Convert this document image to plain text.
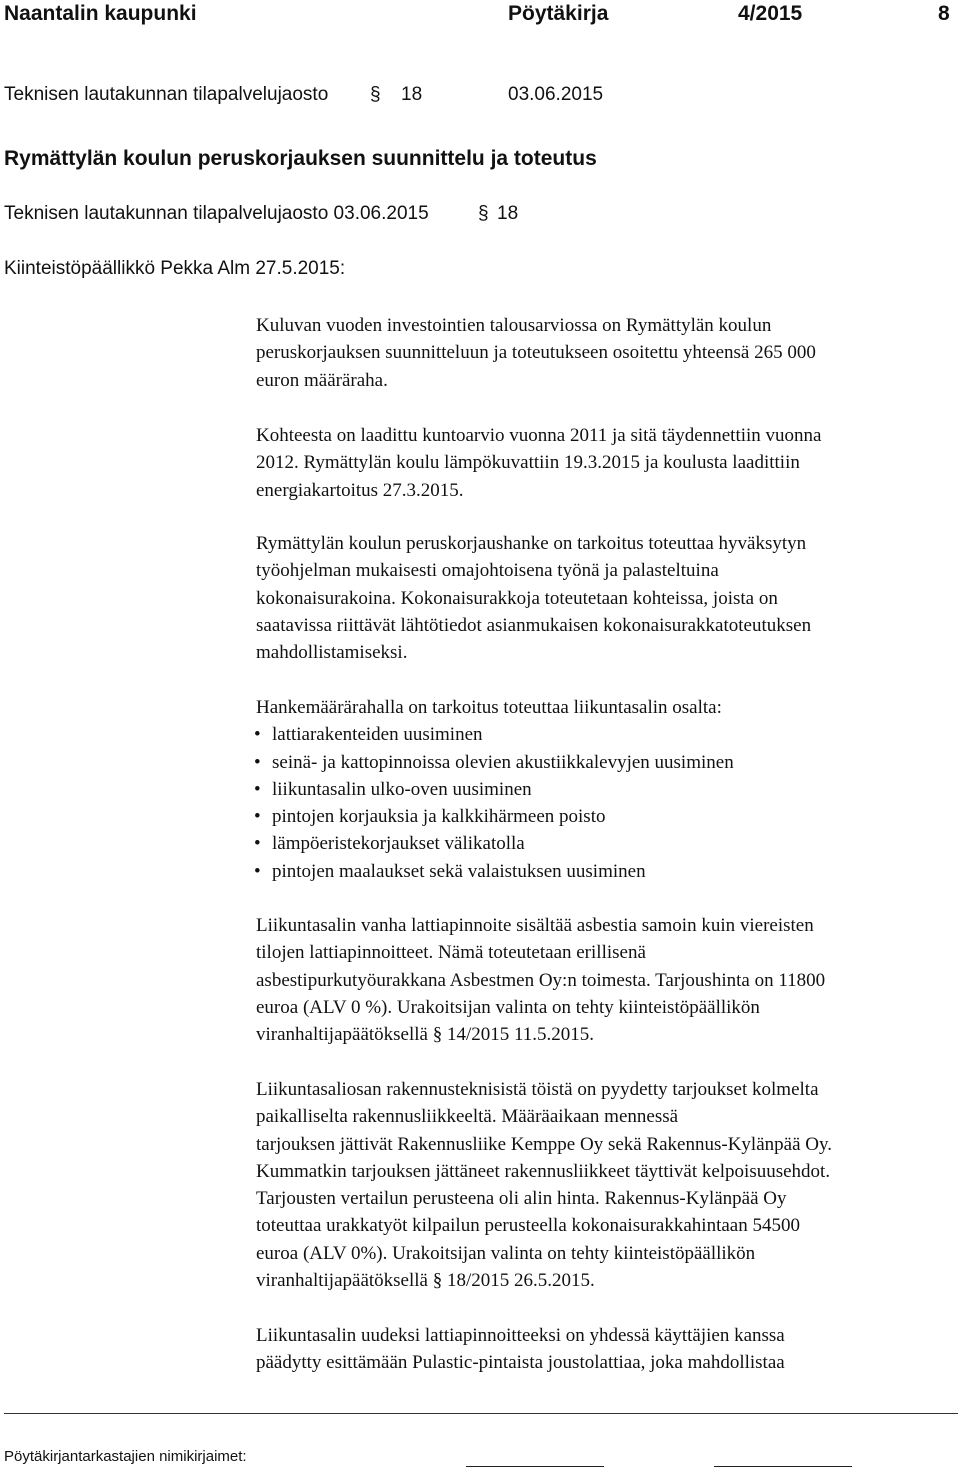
Naantalin kaupunki	Pöytäkirja	4/2015	8
Teknisen lautakunnan tilapalvelujaosto § 18	03.06.2015
Rymättylän koulun peruskorjauksen suunnittelu ja toteutus
Teknisen lautakunnan tilapalvelujaosto 03.06.2015	§ 18
Kiinteistöpäällikkö Pekka Alm 27.5.2015:
Kuluvan vuoden investointien talousarviossa on Rymättylän koulun
peruskorjauksen suunnitteluun ja toteutukseen osoitettu yhteensä 265 000
euron määräraha.
Kohteesta on laadittu kuntoarvio vuonna 2011 ja sitä täydennettiin vuonna
2012. Rymättylän koulu lämpökuvattiin 19.3.2015 ja koulusta laadittiin
energiakartoitus 27.3.2015.
Rymättylän koulun peruskorjaushanke on tarkoitus toteuttaa hyväksytyn
työohjelman mukaisesti omajohtoisena työnä ja palasteltuina
kokonaisurakoina. Kokonaisurakkoja toteutetaan kohteissa, joista on
saatavissa riittävät lähtötiedot asianmukaisen kokonaisurakkatoteutuksen
mahdollistamiseksi.
Hankemäärärahalla on tarkoitus toteuttaa liikuntasalin osalta:
• lattiarakenteiden uusiminen
• seinä- ja kattopinnoissa olevien akustiikkalevyjen uusiminen
• liikuntasalin ulko-oven uusiminen
• pintojen korjauksia ja kalkkihärmeen poisto
• lämpöeristekorjaukset välikatolla
• pintojen maalaukset sekä valaistuksen uusiminen
Liikuntasalin vanha lattiapinnoite sisältää asbestia samoin kuin viereisten
tilojen lattiapinnoitteet. Nämä toteutetaan erillisenä
asbestipurkutyöurakkana Asbestmen Oy:n toimesta. Tarjoushinta on 11800
euroa (ALV 0 %). Urakoitsijan valinta on tehty kiinteistöpäällikön
viranhaltijapäätöksellä § 14/2015 11.5.2015.
Liikuntasaliosan rakennusteknisistä töistä on pyydetty tarjoukset kolmelta
paikalliselta rakennusliikkeeltä. Määräaikaan mennessä
tarjouksen jättivät Rakennusliike Kemppe Oy sekä Rakennus-Kylänpää Oy.
Kummatkin tarjouksen jättäneet rakennusliikkeet täyttivät kelpoisuusehdot.
Tarjousten vertailun perusteena oli alin hinta. Rakennus-Kylänpää Oy
toteuttaa urakkatyöt kilpailun perusteella kokonaisurakkahintaan 54500
euroa (ALV 0%). Urakoitsijan valinta on tehty kiinteistöpäällikön
viranhaltijapäätöksellä § 18/2015 26.5.2015.
Liikuntasalin uudeksi lattiapinnoitteeksi on yhdessä käyttäjien kanssa
päädytty esittämään Pulastic-pintaista joustolattiaa, joka mahdollistaa
Pöytäkirjantarkastajien nimikirjaimet:
